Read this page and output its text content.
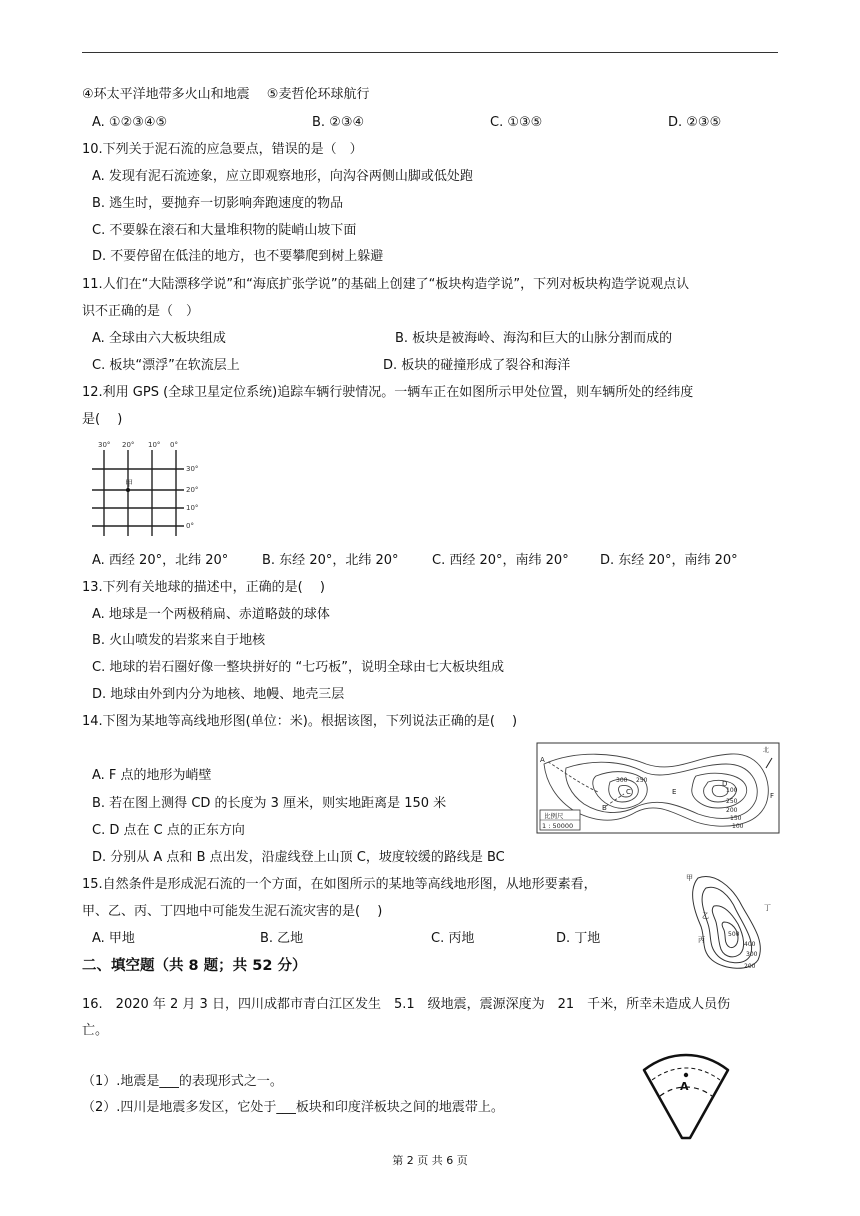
④环太平洋地带多火山和地震　 ⑤麦哲伦环球航行
A. ①②③④⑤	B. ②③④	C. ①③⑤	D. ②③⑤
10.下列关于泥石流的应急要点，错误的是（　）
A. 发现有泥石流迹象，应立即观察地形，向沟谷两侧山脚或低处跑
B. 逃生时，要抛弃一切影响奔跑速度的物品
C. 不要躲在滚石和大量堆积物的陡峭山坡下面
D. 不要停留在低洼的地方，也不要攀爬到树上躲避
11.人们在“大陆漂移学说”和“海底扩张学说”的基础上创建了“板块构造学说”，下列对板块构造学说观点认
识不正确的是（　）
A. 全球由六大板块组成	B. 板块是被海岭、海沟和巨大的山脉分割而成的
C. 板块“漂浮”在软流层上	D. 板块的碰撞形成了裂谷和海洋
12.利用 GPS (全球卫星定位系统)追踪车辆行驶情况。一辆车正在如图所示甲处位置，则车辆所处的经纬度
是(　 )
30° 20° 10° 0°
30°
20°
10°
0°
甲
A. 西经 20°，北纬 20°	B. 东经 20°，北纬 20°	C. 西经 20°，南纬 20° D. 东经 20°，南纬 20°
13.下列有关地球的描述中，正确的是(　 )
A. 地球是一个两极稍扁、赤道略鼓的球体
B. 火山喷发的岩浆来自于地核
C. 地球的岩石圈好像一整块拼好的 “七巧板”，说明全球由七大板块组成
D. 地球由外到内分为地核、地幔、地壳三层
14.下图为某地等高线地形图(单位：米)。根据该图，下列说法正确的是(　 )
A. F 点的地形为峭壁
B. 若在图上测得 CD 的长度为 3 厘米，则实地距离是 150 米
C. D 点在 C 点的正东方向
D. 分别从 A 点和 B 点出发，沿虚线登上山顶 C，坡度较缓的路线是 BC
A
B
C
D
E	F
300 250
100
250
200
150
100
北
比例尺
1 : 50000
15.自然条件是形成泥石流的一个方面，在如图所示的某地等高线地形图，从地形要素看，
甲、乙、丙、丁四地中可能发生泥石流灾害的是(　 )
A. 甲地	B. 乙地	C. 丙地	D. 丁地
甲
乙
丙
丁
500
400
300
200
二、填空题（共 8 题；共 52 分）
16.　2020 年 2 月 3 日，四川成都市青白江区发生　5.1　级地震，震源深度为　21　千米，所幸未造成人员伤
亡。
（1）.地震是___的表现形式之一。
（2）.四川是地震多发区，它处于___板块和印度洋板块之间的地震带上。
A
第 2 页 共 6 页
